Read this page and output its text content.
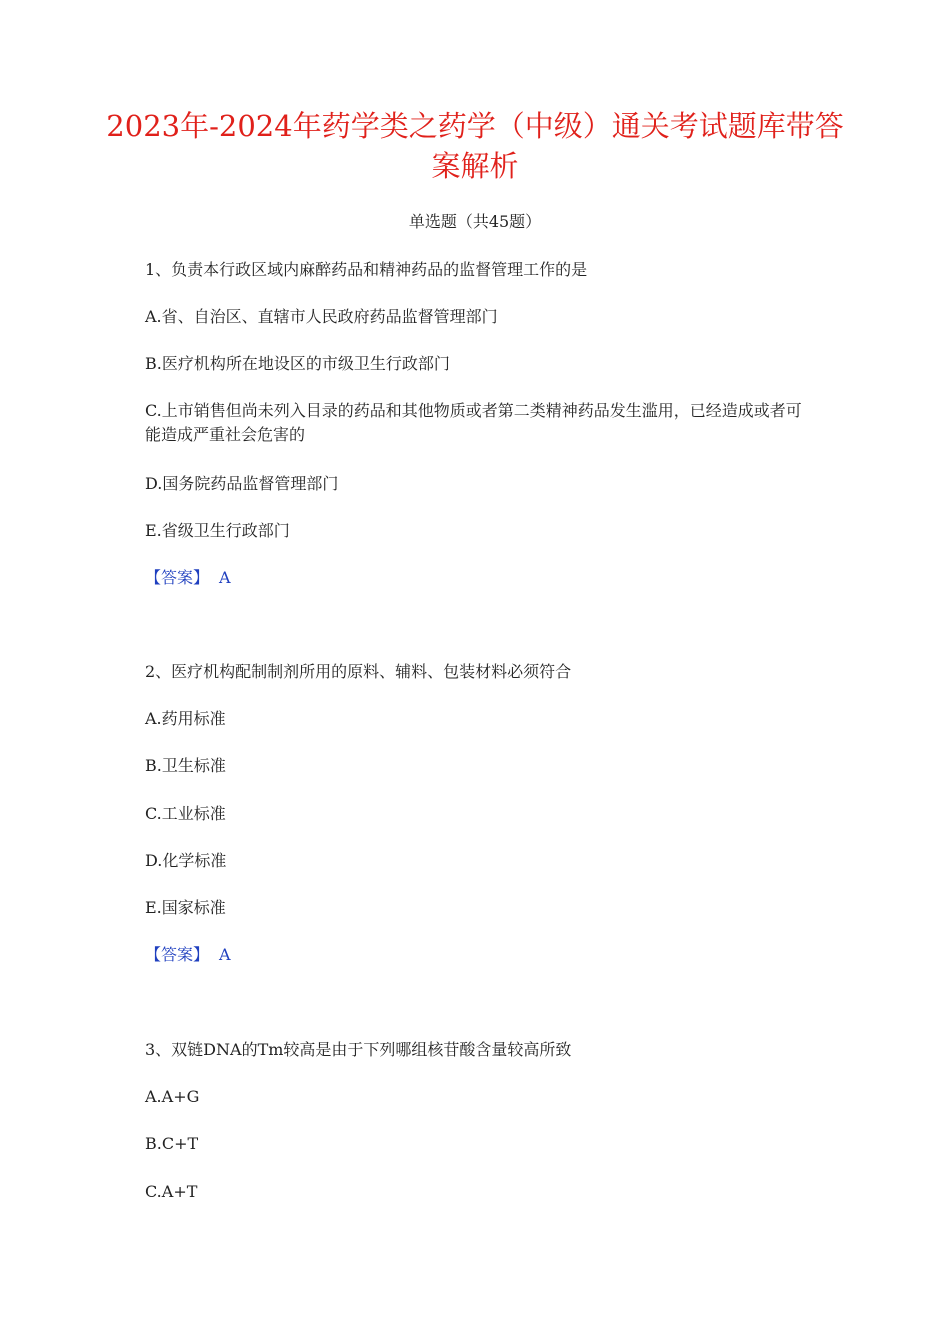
2023年-2024年药学类之药学（中级）通关考试题库带答案解析
单选题（共45题）
1、负责本行政区域内麻醉药品和精神药品的监督管理工作的是
A.省、自治区、直辖市人民政府药品监督管理部门
B.医疗机构所在地设区的市级卫生行政部门
C.上市销售但尚未列入目录的药品和其他物质或者第二类精神药品发生滥用，已经造成或者可能造成严重社会危害的
D.国务院药品监督管理部门
E.省级卫生行政部门
【答案】 A
2、医疗机构配制制剂所用的原料、辅料、包装材料必须符合
A.药用标准
B.卫生标准
C.工业标准
D.化学标准
E.国家标准
【答案】 A
3、双链DNA的Tm较高是由于下列哪组核苷酸含量较高所致
A.A+G
B.C+T
C.A+T
